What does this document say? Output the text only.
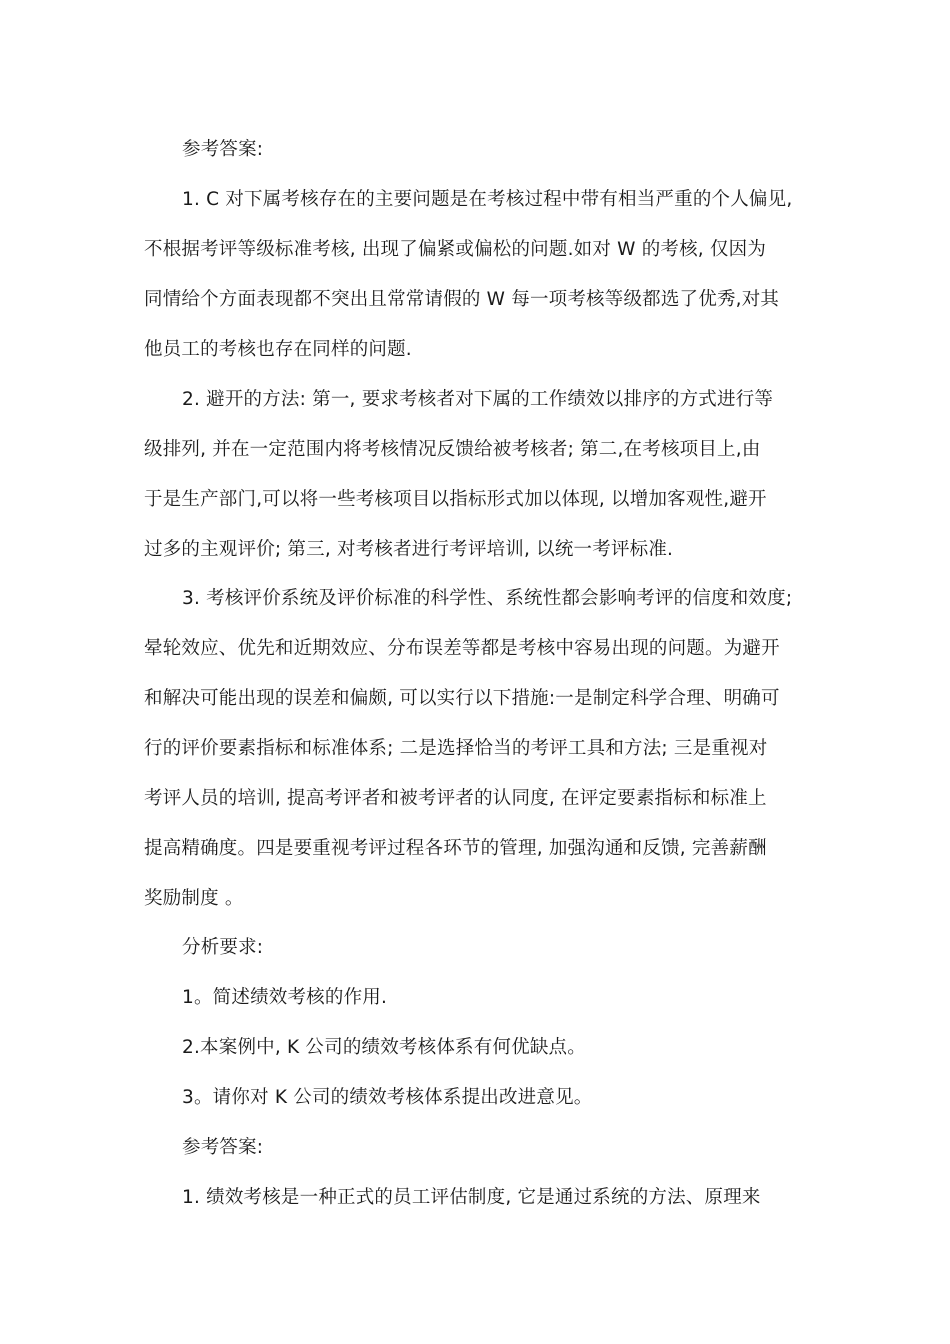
参考答案:
1. C 对下属考核存在的主要问题是在考核过程中带有相当严重的个人偏见,
不根据考评等级标准考核, 出现了偏紧或偏松的问题.如对 W 的考核, 仅因为
同情给个方面表现都不突出且常常请假的 W 每一项考核等级都选了优秀,对其
他员工的考核也存在同样的问题.
2. 避开的方法: 第一, 要求考核者对下属的工作绩效以排序的方式进行等
级排列, 并在一定范围内将考核情况反馈给被考核者; 第二,在考核项目上,由
于是生产部门,可以将一些考核项目以指标形式加以体现, 以增加客观性,避开
过多的主观评价; 第三, 对考核者进行考评培训, 以统一考评标准.
3. 考核评价系统及评价标准的科学性、系统性都会影响考评的信度和效度;
晕轮效应、优先和近期效应、分布误差等都是考核中容易出现的问题。为避开
和解决可能出现的误差和偏颇, 可以实行以下措施:一是制定科学合理、明确可
行的评价要素指标和标准体系; 二是选择恰当的考评工具和方法; 三是重视对
考评人员的培训, 提高考评者和被考评者的认同度, 在评定要素指标和标准上
提高精确度。四是要重视考评过程各环节的管理, 加强沟通和反馈, 完善薪酬
奖励制度 。
分析要求:
1。简述绩效考核的作用.
2.本案例中, K 公司的绩效考核体系有何优缺点。
3。请你对 K 公司的绩效考核体系提出改进意见。
参考答案:
1. 绩效考核是一种正式的员工评估制度, 它是通过系统的方法、原理来
